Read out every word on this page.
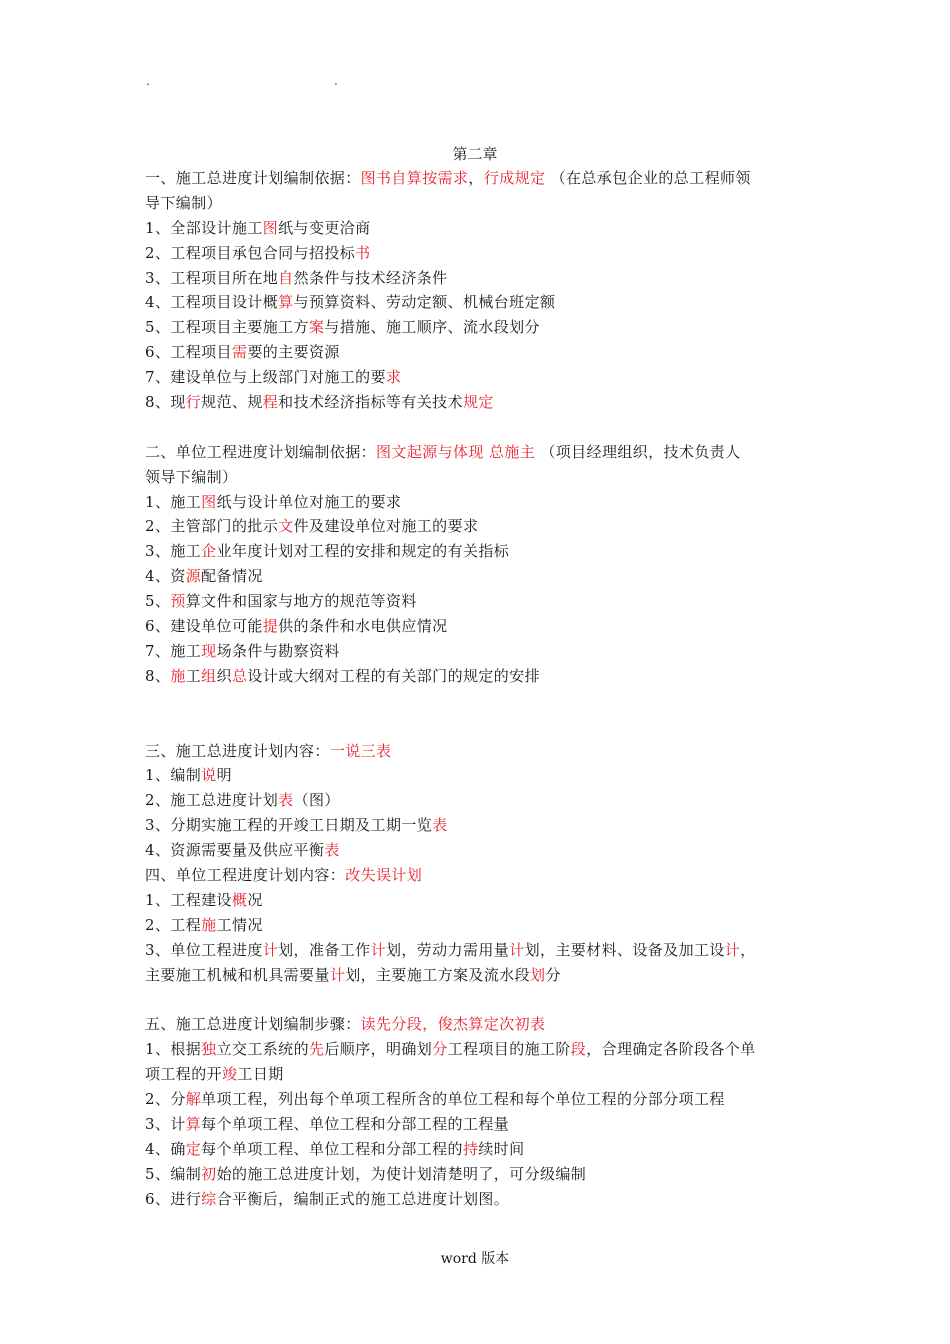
.	.
第二章
一、施工总进度计划编制依据：图书自算按需求，行成规定 （在总承包企业的总工程师领
导下编制）
1、全部设计施工图纸与变更洽商
2、工程项目承包合同与招投标书
3、工程项目所在地自然条件与技术经济条件
4、工程项目设计概算与预算资料、劳动定额、机械台班定额
5、工程项目主要施工方案与措施、施工顺序、流水段划分
6、工程项目需要的主要资源
7、建设单位与上级部门对施工的要求
8、现行规范、规程和技术经济指标等有关技术规定
二、单位工程进度计划编制依据：图文起源与体现 总施主 （项目经理组织，技术负责人
领导下编制）
1、施工图纸与设计单位对施工的要求
2、主管部门的批示文件及建设单位对施工的要求
3、施工企业年度计划对工程的安排和规定的有关指标
4、资源配备情况
5、预算文件和国家与地方的规范等资料
6、建设单位可能提供的条件和水电供应情况
7、施工现场条件与勘察资料
8、施工组织总设计或大纲对工程的有关部门的规定的安排
三、施工总进度计划内容：一说三表
1、编制说明
2、施工总进度计划表（图）
3、分期实施工程的开竣工日期及工期一览表
4、资源需要量及供应平衡表
四、单位工程进度计划内容：改失误计划
1、工程建设概况
2、工程施工情况
3、单位工程进度计划，准备工作计划，劳动力需用量计划，主要材料、设备及加工设计，
主要施工机械和机具需要量计划，主要施工方案及流水段划分
五、施工总进度计划编制步骤：读先分段，俊杰算定次初表
1、根据独立交工系统的先后顺序，明确划分工程项目的施工阶段，合理确定各阶段各个单
项工程的开竣工日期
2、分解单项工程，列出每个单项工程所含的单位工程和每个单位工程的分部分项工程
3、计算每个单项工程、单位工程和分部工程的工程量
4、确定每个单项工程、单位工程和分部工程的持续时间
5、编制初始的施工总进度计划，为使计划清楚明了，可分级编制
6、进行综合平衡后，编制正式的施工总进度计划图。
word 版本
